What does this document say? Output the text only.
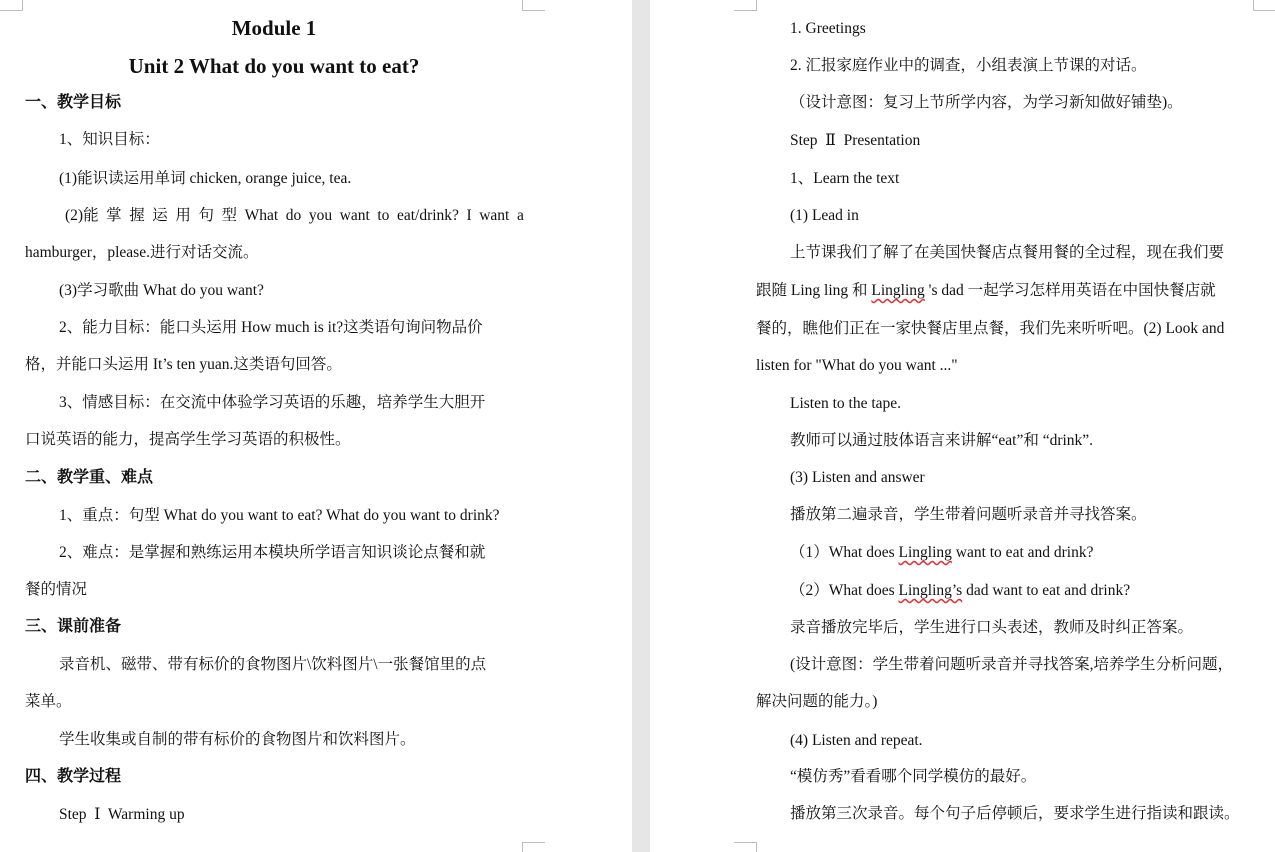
Module 1
Unit 2 What do you want to eat?
一、教学目标
1、知识目标：
(1)能识读运用单词 chicken, orange juice, tea.
(2)能 掌 握 运 用 句 型 What do you want to eat/drink? I want a
hamburger，please.进行对话交流。
(3)学习歌曲 What do you want?
2、能力目标：能口头运用 How much is it?这类语句询问物品价
格，并能口头运用 It’s ten yuan.这类语句回答。
3、情感目标：在交流中体验学习英语的乐趣，培养学生大胆开
口说英语的能力，提高学生学习英语的积极性。
二、教学重、难点
1、重点：句型 What do you want to eat? What do you want to drink?
2、难点：是掌握和熟练运用本模块所学语言知识谈论点餐和就
餐的情况
三、课前准备
录音机、磁带、带有标价的食物图片\饮料图片\一张餐馆里的点
菜单。
学生收集或自制的带有标价的食物图片和饮料图片。
四、教学过程
Step  Ⅰ  Warming up
1. Greetings
2. 汇报家庭作业中的调查，小组表演上节课的对话。
（设计意图：复习上节所学内容，为学习新知做好铺垫)。
Step  Ⅱ  Presentation
1、Learn the text
(1) Lead in
上节课我们了解了在美国快餐店点餐用餐的全过程，现在我们要
跟随 Ling ling 和 Lingling 's dad 一起学习怎样用英语在中国快餐店就
餐的，瞧他们正在一家快餐店里点餐，我们先来听听吧。(2) Look and
listen for "What do you want ..."
Listen to the tape.
教师可以通过肢体语言来讲解“eat”和 “drink”.
(3) Listen and answer
播放第二遍录音，学生带着问题听录音并寻找答案。
（1）What does Lingling want to eat and drink?
（2）What does Lingling’s dad want to eat and drink?
录音播放完毕后，学生进行口头表述，教师及时纠正答案。
(设计意图：学生带着问题听录音并寻找答案,培养学生分析问题，
解决问题的能力。)
(4) Listen and repeat.
“模仿秀”看看哪个同学模仿的最好。
播放第三次录音。每个句子后停顿后，要求学生进行指读和跟读。
